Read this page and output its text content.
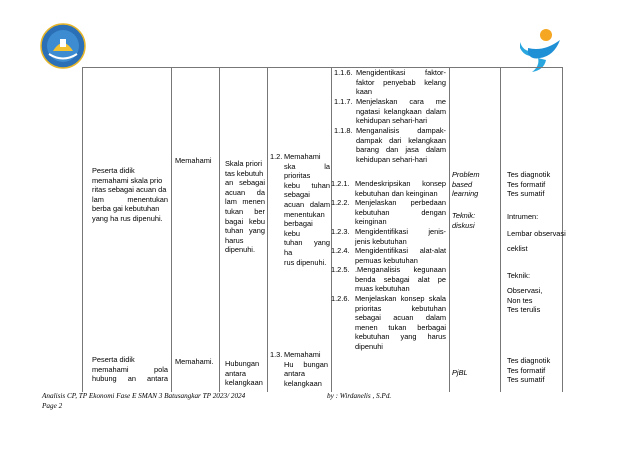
Peserta didik
memahami skala prio
ritas sebagai acuan da
lam menentukan
berba gai kebutuhan
yang ha rus dipenuhi.
Peserta didik
memahami pola
hubung an antara
Memahami
Memahami.
Skala priori
tas kebutuh
an sebagai
acuan da
lam menen
tukan ber
bagai kebu
tuhan yang
harus
dipenuhi.
Hubungan
antara
kelangkaan
1.2. Memahami
ska la prioritas
kebu tuhan
sebagai
acuan dalam
menentukan
berbagai kebu
tuhan yang ha
rus dipenuhi.
1.3. Memahami
Hu bungan
antara
kelangkaan
1.1.6. Mengidentikasi faktor-
faktor penyebab kelang
kaan
1.1.7. Menjelaskan cara me
ngatasi kelangkaan dalam
kehidupan sehari-hari
1.1.8. Menganalisis dampak-
dampak dari kelangkaan
barang dan jasa dalam
kehidupan sehari-hari
1.2.1. Mendeskripsikan konsep
kebutuhan dan keinginan
1.2.2. Menjelaskan perbedaan
kebutuhan dengan
keinginan
1.2.3. Mengidentifikasi jenis-
jenis kebutuhan
1.2.4. Mengidentifikasi alat-alat
pemuas kebutuhan
1.2.5. .Menganalisis kegunaan
benda sebagai alat pe
muas kebutuhan
1.2.6. Menjelaskan konsep skala
prioritas kebutuhan
sebagai acuan dalam
menen tukan berbagai
kebutuhan yang harus
dipenuhi
Problem
based
learning
Teknik:
diskusi
PjBL
Tes diagnotik
Tes formatif
Tes sumatif
Intrumen:
Lembar observasi
ceklist
Teknik:
Observasi,
Non tes
Tes terulis
Tes diagnotik
Tes formatif
Tes sumatif
Analisis CP, TP Ekonomi Fase E SMAN 3 Batusangkar TP 2023/ 2024	by : Wirdanelis , S.Pd.
Page 2
